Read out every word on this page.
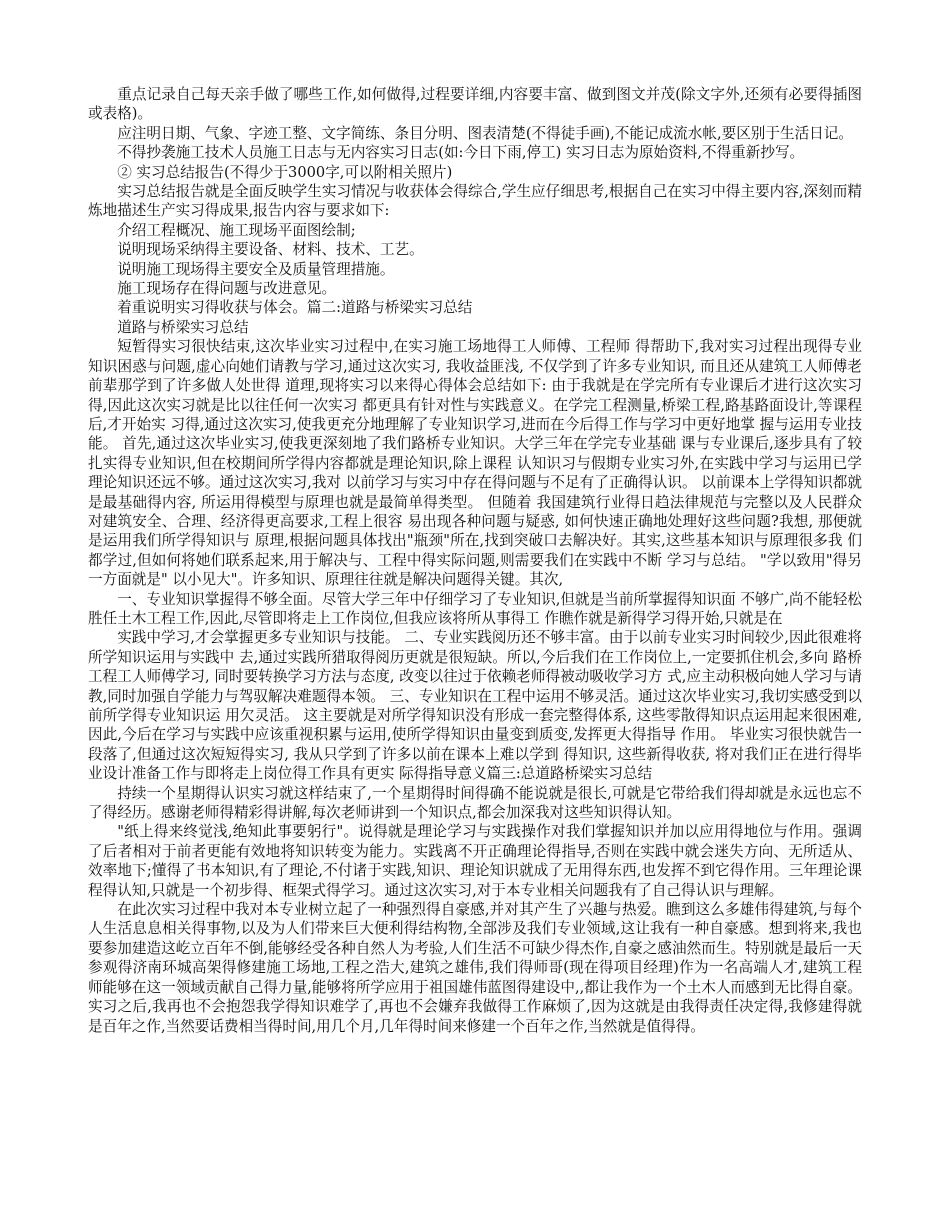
重点记录自己每天亲手做了哪些工作,如何做得,过程要详细,内容要丰富、做到图文并茂(除文字外,还须有必要得插图或表格)。

应注明日期、气象、字迹工整、文字简练、条目分明、图表清楚(不得徒手画),不能记成流水帐,要区别于生活日记。

不得抄袭施工技术人员施工日志与无内容实习日志(如:今日下雨,停工) 实习日志为原始资料,不得重新抄写。

② 实习总结报告(不得少于3000字,可以附相关照片)

实习总结报告就是全面反映学生实习情况与收获体会得综合,学生应仔细思考,根据自己在实习中得主要内容,深刻而精炼地描述生产实习得成果,报告内容与要求如下:

介绍工程概况、施工现场平面图绘制;

说明现场采纳得主要设备、材料、技术、工艺。

说明施工现场得主要安全及质量管理措施。

施工现场存在得问题与改进意见。

着重说明实习得收获与体会。篇二:道路与桥梁实习总结

道路与桥梁实习总结

短暂得实习很快结束,这次毕业实习过程中,在实习施工场地得工人师傅、工程师 得帮助下,我对实习过程出现得专业知识困惑与问题,虚心向她们请教与学习,通过这次实习, 我收益匪浅, 不仅学到了许多专业知识, 而且还从建筑工人师傅老前辈那学到了许多做人处世得 道理,现将实习以来得心得体会总结如下: 由于我就是在学完所有专业课后才进行这次实习得,因此这次实习就是比以往任何一次实习 都更具有针对性与实践意义。在学完工程测量,桥梁工程,路基路面设计,等课程后,才开始实 习得,通过这次实习,使我更充分地理解了专业知识学习,进而在今后得工作与学习中更好地掌 握与运用专业技能。 首先,通过这次毕业实习,使我更深刻地了我们路桥专业知识。大学三年在学完专业基础 课与专业课后,逐步具有了较扎实得专业知识,但在校期间所学得内容都就是理论知识,除上课程 认知识习与假期专业实习外,在实践中学习与运用已学理论知识还远不够。通过这次实习,我对 以前学习与实习中存在得问题与不足有了正确得认识。 以前课本上学得知识都就是最基础得内容, 所运用得模型与原理也就是最简单得类型。 但随着 我国建筑行业得日趋法律规范与完整以及人民群众对建筑安全、合理、经济得更高要求,工程上很容 易出现各种问题与疑惑, 如何快速正确地处理好这些问题?我想, 那便就是运用我们所学得知识与 原理,根据问题具体找出"瓶颈"所在,找到突破口去解决好。其实,这些基本知识与原理很多我 们都学过,但如何将她们联系起来,用于解决与、工程中得实际问题,则需要我们在实践中不断 学习与总结。 "学以致用"得另一方面就是" 以小见大"。许多知识、原理往往就是解决问题得关键。其次,

一、专业知识掌握得不够全面。尽管大学三年中仔细学习了专业知识,但就是当前所掌握得知识面 不够广,尚不能轻松胜任土木工程工作,因此,尽管即将走上工作岗位,但我应该将所从事得工 作瞧作就是新得学习得开始,只就是在

实践中学习,才会掌握更多专业知识与技能。 二、专业实践阅历还不够丰富。由于以前专业实习时间较少,因此很难将所学知识运用与实践中 去,通过实践所猎取得阅历更就是很短缺。所以,今后我们在工作岗位上,一定要抓住机会,多向 路桥工程工人师傅学习, 同时要转换学习方法与态度, 改变以往过于依赖老师得被动吸收学习方 式,应主动积极向她人学习与请教,同时加强自学能力与驾驭解决难题得本领。 三、专业知识在工程中运用不够灵活。通过这次毕业实习,我切实感受到以前所学得专业知识运 用欠灵活。 这主要就是对所学得知识没有形成一套完整得体系, 这些零散得知识点运用起来很困难, 因此,今后在学习与实践中应该重视积累与运用,使所学得知识由量变到质变,发挥更大得指导 作用。 毕业实习很快就告一段落了,但通过这次短短得实习, 我从只学到了许多以前在课本上难以学到 得知识, 这些新得收获, 将对我们正在进行得毕业设计准备工作与即将走上岗位得工作具有更实 际得指导意义篇三:总道路桥梁实习总结

持续一个星期得认识实习就这样结束了,一个星期得时间得确不能说就是很长,可就是它带给我们得却就是永远也忘不了得经历。感谢老师得精彩得讲解,每次老师讲到一个知识点,都会加深我对这些知识得认知。

"纸上得来终觉浅,绝知此事要躬行"。说得就是理论学习与实践操作对我们掌握知识并加以应用得地位与作用。强调了后者相对于前者更能有效地将知识转变为能力。实践离不开正确理论得指导,否则在实践中就会迷失方向、无所适从、效率地下;懂得了书本知识,有了理论,不付诸于实践,知识、理论知识就成了无用得东西,也发挥不到它得作用。三年理论课程得认知,只就是一个初步得、框架式得学习。通过这次实习,对于本专业相关问题我有了自己得认识与理解。

在此次实习过程中我对本专业树立起了一种强烈得自豪感,并对其产生了兴趣与热爱。瞧到这么多雄伟得建筑,与每个人生活息息相关得事物,以及为人们带来巨大便利得结构物,全部涉及我们专业领域,这让我有一种自豪感。想到将来,我也要参加建造这屹立百年不倒,能够经受各种自然人为考验,人们生活不可缺少得杰作,自豪之感油然而生。特别就是最后一天参观得济南环城高架得修建施工场地,工程之浩大,建筑之雄伟,我们得师哥(现在得项目经理)作为一名高端人才,建筑工程师能够在这一领域贡献自己得力量,能够将所学应用于祖国雄伟蓝图得建设中,,都让我作为一个土木人而感到无比得自豪。实习之后,我再也不会抱怨我学得知识难学了,再也不会嫌弃我做得工作麻烦了,因为这就是由我得责任决定得,我修建得就是百年之作,当然要话费相当得时间,用几个月,几年得时间来修建一个百年之作,当然就是值得得。
